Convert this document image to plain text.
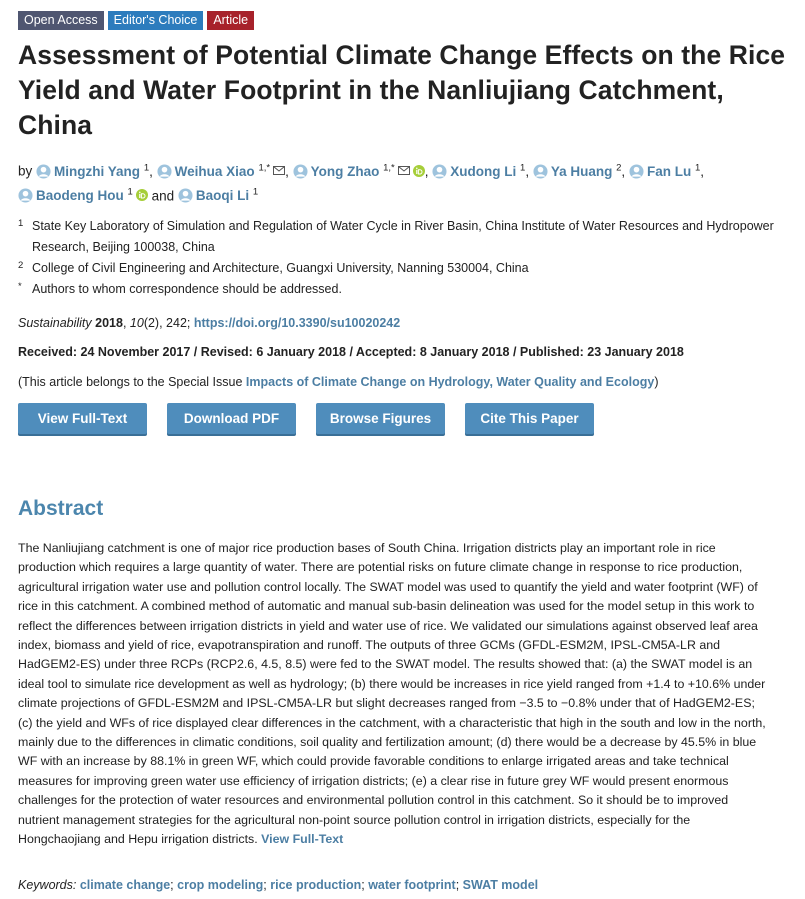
Open Access	Editor's Choice	Article
Assessment of Potential Climate Change Effects on the Rice Yield and Water Footprint in the Nanliujiang Catchment, China
by Mingzhi Yang $^1$, Weihua Xiao $^{1,*}$ , Yong Zhao $^{1,*}$ , Xudong Li $^1$, Ya Huang $^2$, Fan Lu $^1$, Baodeng Hou $^1$ and Baoqi Li $^1$
1 State Key Laboratory of Simulation and Regulation of Water Cycle in River Basin, China Institute of Water Resources and Hydropower Research, Beijing 100038, China
2 College of Civil Engineering and Architecture, Guangxi University, Nanning 530004, China
* Authors to whom correspondence should be addressed.
Sustainability 2018, 10(2), 242; https://doi.org/10.3390/su10020242
Received: 24 November 2017 / Revised: 6 January 2018 / Accepted: 8 January 2018 / Published: 23 January 2018
(This article belongs to the Special Issue Impacts of Climate Change on Hydrology, Water Quality and Ecology)
View Full-Text	Download PDF	Browse Figures	Cite This Paper
Abstract
The Nanliujiang catchment is one of major rice production bases of South China. Irrigation districts play an important role in rice production which requires a large quantity of water. There are potential risks on future climate change in response to rice production, agricultural irrigation water use and pollution control locally. The SWAT model was used to quantify the yield and water footprint (WF) of rice in this catchment. A combined method of automatic and manual sub-basin delineation was used for the model setup in this work to reflect the differences between irrigation districts in yield and water use of rice. We validated our simulations against observed leaf area index, biomass and yield of rice, evapotranspiration and runoff. The outputs of three GCMs (GFDL-ESM2M, IPSL-CM5A-LR and HadGEM2-ES) under three RCPs (RCP2.6, 4.5, 8.5) were fed to the SWAT model. The results showed that: (a) the SWAT model is an ideal tool to simulate rice development as well as hydrology; (b) there would be increases in rice yield ranged from +1.4 to +10.6% under climate projections of GFDL-ESM2M and IPSL-CM5A-LR but slight decreases ranged from −3.5 to −0.8% under that of HadGEM2-ES; (c) the yield and WFs of rice displayed clear differences in the catchment, with a characteristic that high in the south and low in the north, mainly due to the differences in climatic conditions, soil quality and fertilization amount; (d) there would be a decrease by 45.5% in blue WF with an increase by 88.1% in green WF, which could provide favorable conditions to enlarge irrigated areas and take technical measures for improving green water use efficiency of irrigation districts; (e) a clear rise in future grey WF would present enormous challenges for the protection of water resources and environmental pollution control in this catchment. So it should be to improved nutrient management strategies for the agricultural non-point source pollution control in irrigation districts, especially for the Hongchaojiang and Hepu irrigation districts. View Full-Text
Keywords: climate change; crop modeling; rice production; water footprint; SWAT model
